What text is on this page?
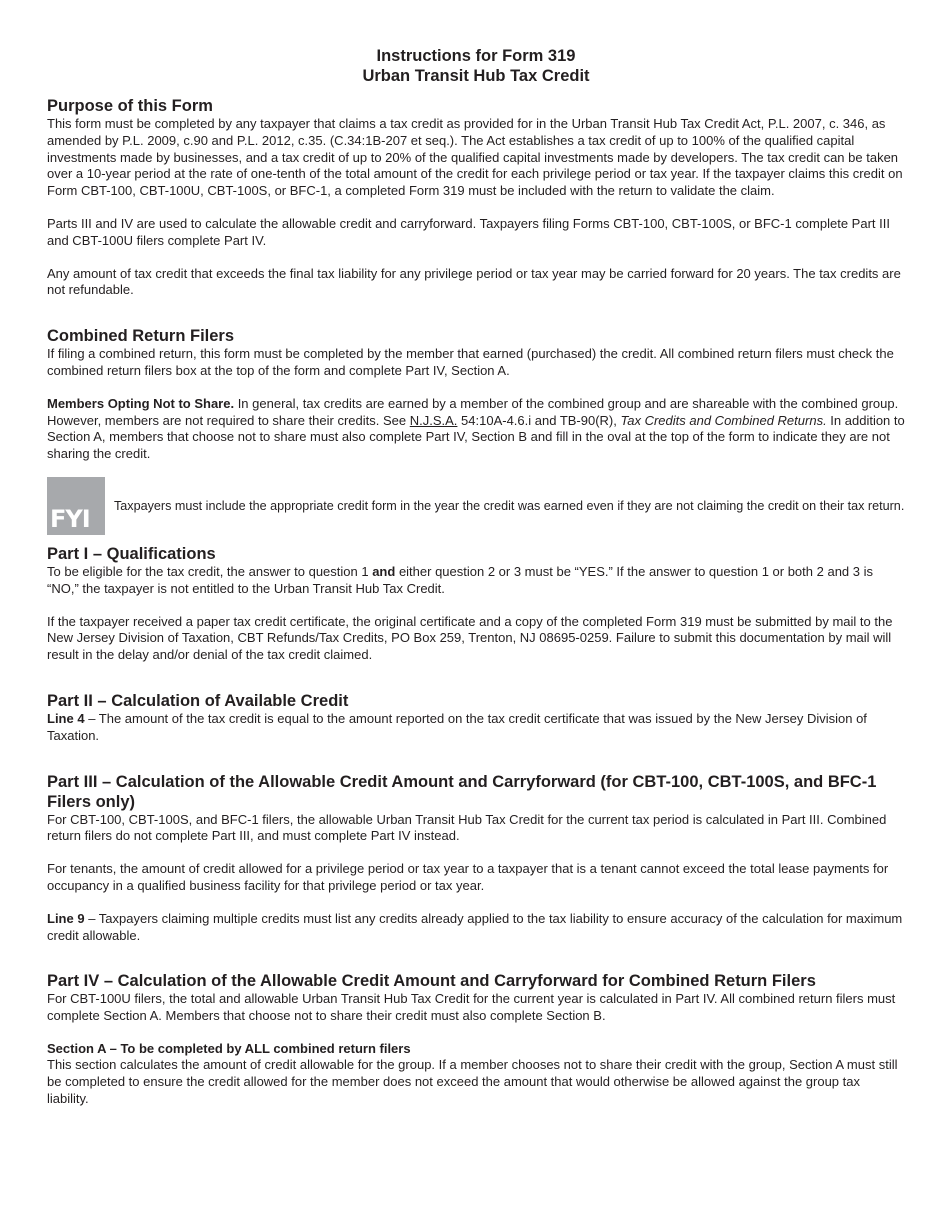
Instructions for Form 319
Urban Transit Hub Tax Credit
Purpose of this Form

This form must be completed by any taxpayer that claims a tax credit as provided for in the Urban Transit Hub Tax Credit Act, P.L. 2007, c. 346, as amended by P.L. 2009, c.90 and P.L. 2012, c.35. (C.34:1B-207 et seq.). The Act establishes a tax credit of up to 100% of the qualified capital investments made by businesses, and a tax credit of up to 20% of the qualified capital investments made by developers. The tax credit can be taken over a 10-year period at the rate of one-tenth of the total amount of the credit for each privilege period or tax year. If the taxpayer claims this credit on Form CBT-100, CBT-100U, CBT-100S, or BFC-1, a completed Form 319 must be included with the return to validate the claim.

Parts III and IV are used to calculate the allowable credit and carryforward. Taxpayers filing Forms CBT-100, CBT-100S, or BFC-1 complete Part III and CBT-100U filers complete Part IV.

Any amount of tax credit that exceeds the final tax liability for any privilege period or tax year may be carried forward for 20 years. The tax credits are not refundable.

Combined Return Filers

If filing a combined return, this form must be completed by the member that earned (purchased) the credit. All combined return filers must check the combined return filers box at the top of the form and complete Part IV, Section A.

Members Opting Not to Share. In general, tax credits are earned by a member of the combined group and are shareable with the combined group. However, members are not required to share their credits. See N.J.S.A. 54:10A-4.6.i and TB-90(R), Tax Credits and Combined Returns. In addition to Section A, members that choose not to share must also complete Part IV, Section B and fill in the oval at the top of the form to indicate they are not sharing the credit.

FYI Taxpayers must include the appropriate credit form in the year the credit was earned even if they are not claiming the credit on their tax return.
Part I – Qualifications

To be eligible for the tax credit, the answer to question 1 and either question 2 or 3 must be “YES.” If the answer to question 1 or both 2 and 3 is “NO,” the taxpayer is not entitled to the Urban Transit Hub Tax Credit.

If the taxpayer received a paper tax credit certificate, the original certificate and a copy of the completed Form 319 must be submitted by mail to the New Jersey Division of Taxation, CBT Refunds/Tax Credits, PO Box 259, Trenton, NJ 08695-0259. Failure to submit this documentation by mail will result in the delay and/or denial of the tax credit claimed.

Part II – Calculation of Available Credit

Line 4 – The amount of the tax credit is equal to the amount reported on the tax credit certificate that was issued by the New Jersey Division of Taxation.

Part III – Calculation of the Allowable Credit Amount and Carryforward (for CBT-100, CBT-100S, and BFC-1 Filers only)

For CBT-100, CBT-100S, and BFC-1 filers, the allowable Urban Transit Hub Tax Credit for the current tax period is calculated in Part III. Combined return filers do not complete Part III, and must complete Part IV instead.

For tenants, the amount of credit allowed for a privilege period or tax year to a taxpayer that is a tenant cannot exceed the total lease payments for occupancy in a qualified business facility for that privilege period or tax year.

Line 9 – Taxpayers claiming multiple credits must list any credits already applied to the tax liability to ensure accuracy of the calculation for maximum credit allowable.

Part IV – Calculation of the Allowable Credit Amount and Carryforward for Combined Return Filers

For CBT-100U filers, the total and allowable Urban Transit Hub Tax Credit for the current year is calculated in Part IV. All combined return filers must complete Section A. Members that choose not to share their credit must also complete Section B.

Section A – To be completed by ALL combined return filers

This section calculates the amount of credit allowable for the group. If a member chooses not to share their credit with the group, Section A must still be completed to ensure the credit allowed for the member does not exceed the amount that would otherwise be allowed against the group tax liability.
